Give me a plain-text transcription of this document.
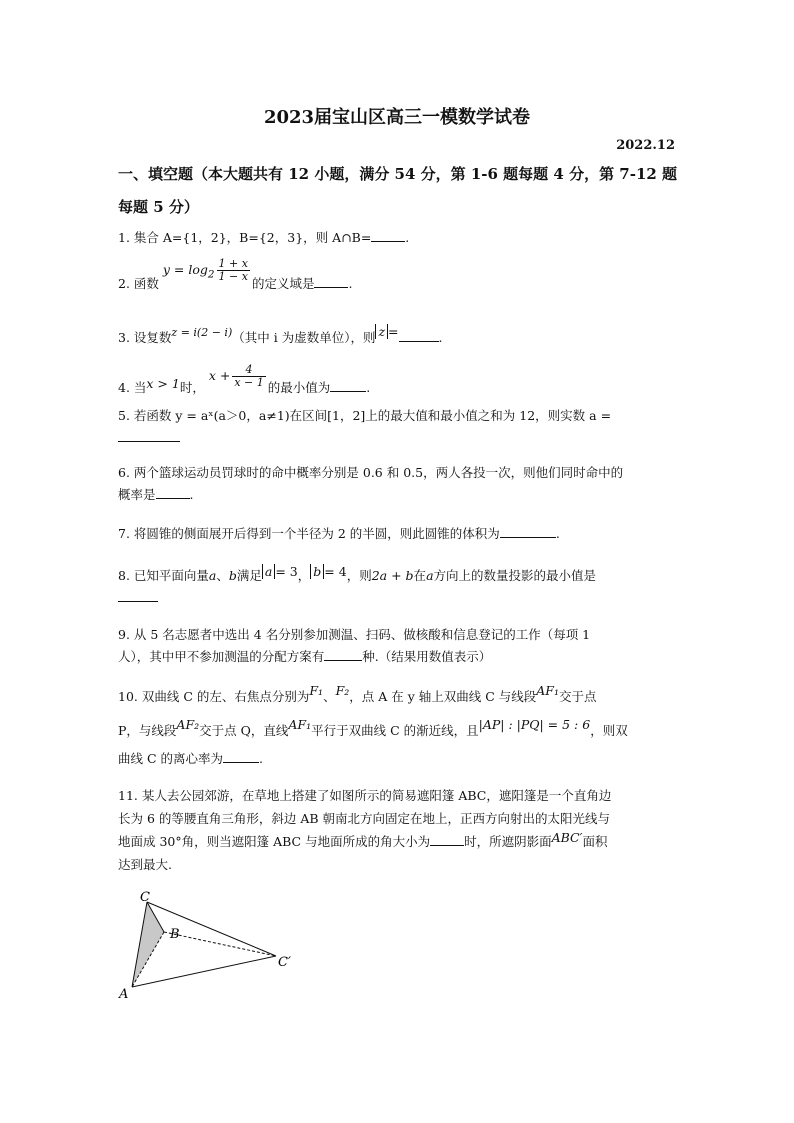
2023届宝山区高三一模数学试卷
2022.12
一、填空题（本大题共有 12 小题，满分 54 分，第 1-6 题每题 4 分，第 7-12 题
每题 5 分）
1. 集合 A={1，2}，B={2，3}，则 A∩B=	.
2. 函数 $y = \log_2 \frac{1 + x}{1 - x}$
的定义域是	.
3. 设复数z = i(2 − i)（其中 i 为虚数单位），则 z =	.
4. 当x > 1时， $x + \frac{4}{x - 1}$ 的最小值为	.
5. 若函数 y = aˣ(a＞0，a≠1)在区间[1，2]上的最大值和最小值之和为 12，则实数 a =
6. 两个篮球运动员罚球时的命中概率分别是 0.6 和 0.5，两人各投一次，则他们同时命中的
概率是	.
7. 将圆锥的侧面展开后得到一个半径为 2 的半圆，则此圆锥的体积为	.
8. 已知平面向量a、b满足 a = 3， b = 4，则2a + b在a方向上的数量投影的最小值是
9. 从 5 名志愿者中选出 4 名分别参加测温、扫码、做核酸和信息登记的工作（每项 1
人），其中甲不参加测温的分配方案有	种.（结果用数值表示）
10. 双曲线 C 的左、右焦点分别为F₁、F₂，点 A 在 y 轴上双曲线 C 与线段AF₁交于点
P，与线段AF₂交于点 Q，直线AF₁平行于双曲线 C 的渐近线，且|AP| : |PQ| = 5 : 6，则双
曲线 C 的离心率为	.
11. 某人去公园郊游，在草地上搭建了如图所示的简易遮阳篷 ABC，遮阳篷是一个直角边
长为 6 的等腰直角三角形，斜边 AB 朝南北方向固定在地上，正西方向射出的太阳光线与
地面成 30°角，则当遮阳篷 ABC 与地面所成的角大小为	时，所遮阴影面ABC′面积
达到最大.
C
B
A
C′
